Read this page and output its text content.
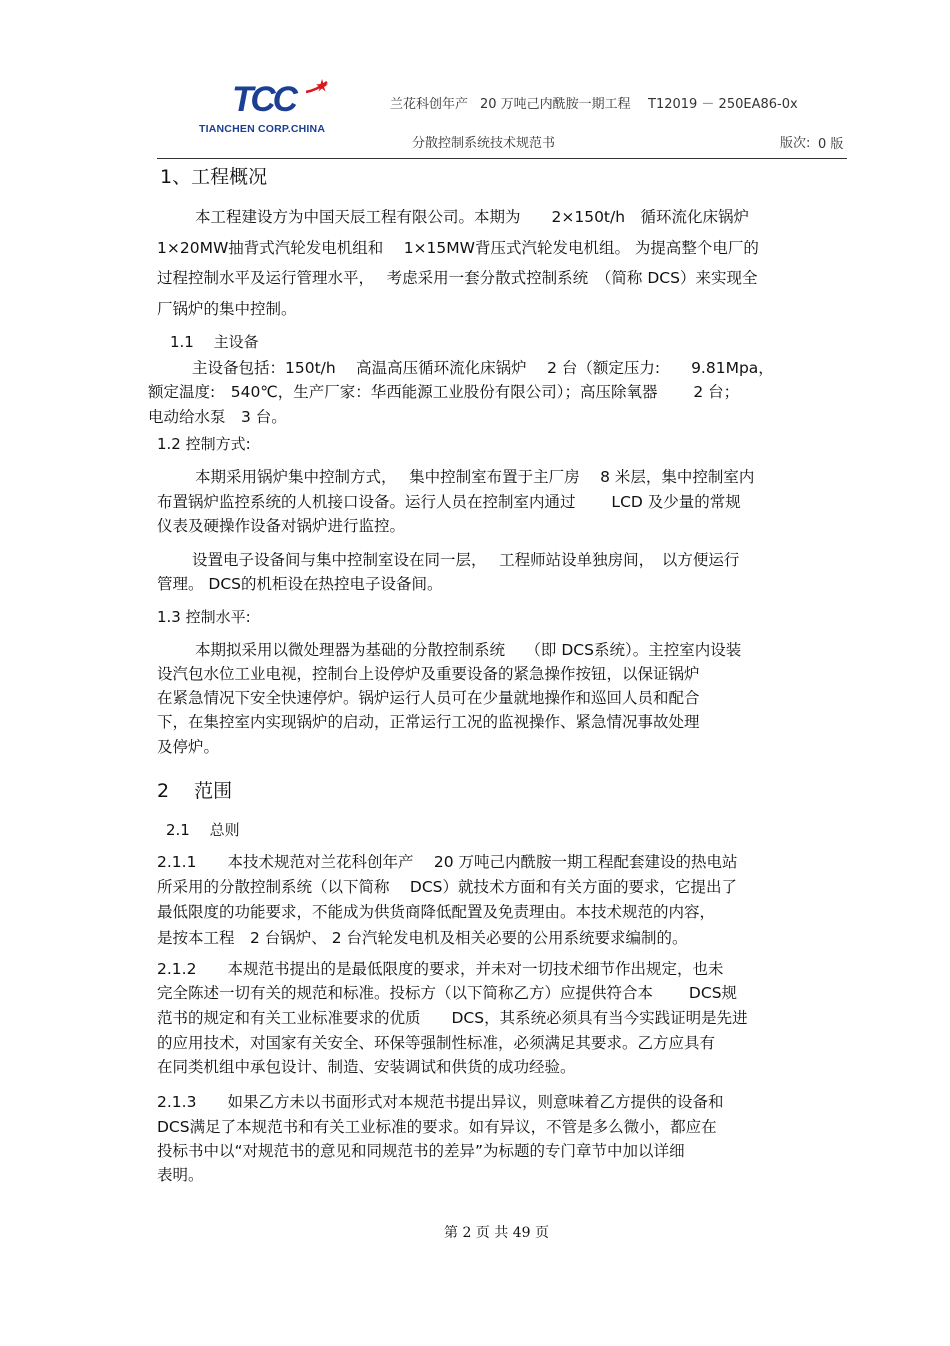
TCC
TIANCHEN CORP.CHINA
兰花科创年产 20 万吨己内酰胺一期工程 T12019 － 250EA86-0x
分散控制系统技术规范书	版次: 0 版
1、工程概况
本工程建设方为中国天辰工程有限公司。本期为　　2×150t/h　循环流化床锅炉
1×20MW抽背式汽轮发电机组和　 1×15MW背压式汽轮发电机组。 为提高整个电厂的
过程控制水平及运行管理水平，　 考虑采用一套分散式控制系统　（简称 DCS）来实现全
厂锅炉的集中控制。
1.1　 主设备
主设备包括：150t/h　 高温高压循环流化床锅炉　 2 台（额定压力:　　9.81Mpa，
额定温度:　540℃，生产厂家：华西能源工业股份有限公司）；高压除氧器　　 2 台；
电动给水泵　3 台。
1.2 控制方式:
本期采用锅炉集中控制方式，　 集中控制室布置于主厂房　 8 米层，集中控制室内
布置锅炉监控系统的人机接口设备。运行人员在控制室内通过　　 LCD 及少量的常规
仪表及硬操作设备对锅炉进行监控。
设置电子设备间与集中控制室设在同一层，　 工程师站设单独房间，　以方便运行
管理。 DCS的机柜设在热控电子设备间。
1.3 控制水平:
本期拟采用以微处理器为基础的分散控制系统　 （即 DCS系统）。主控室内设装
设汽包水位工业电视，控制台上设停炉及重要设备的紧急操作按钮，以保证锅炉
在紧急情况下安全快速停炉。锅炉运行人员可在少量就地操作和巡回人员和配合
下，在集控室内实现锅炉的启动，正常运行工况的监视操作、紧急情况事故处理
及停炉。
2　 范围
2.1　 总则
2.1.1　　本技术规范对兰花科创年产　 20 万吨己内酰胺一期工程配套建设的热电站
所采用的分散控制系统（以下简称　 DCS）就技术方面和有关方面的要求，它提出了
最低限度的功能要求，不能成为供货商降低配置及免责理由。本技术规范的内容，
是按本工程　2 台锅炉、 2 台汽轮发电机及相关必要的公用系统要求编制的。
2.1.2　　本规范书提出的是最低限度的要求，并未对一切技术细节作出规定，也未
完全陈述一切有关的规范和标准。投标方（以下简称乙方）应提供符合本　　 DCS规
范书的规定和有关工业标准要求的优质　　DCS，其系统必须具有当今实践证明是先进
的应用技术，对国家有关安全、环保等强制性标准，必须满足其要求。乙方应具有
在同类机组中承包设计、制造、安装调试和供货的成功经验。
2.1.3　　如果乙方未以书面形式对本规范书提出异议，则意味着乙方提供的设备和
DCS满足了本规范书和有关工业标准的要求。如有异议，不管是多么微小，都应在
投标书中以“对规范书的意见和同规范书的差异”为标题的专门章节中加以详细
表明。
第 2 页 共 49 页
